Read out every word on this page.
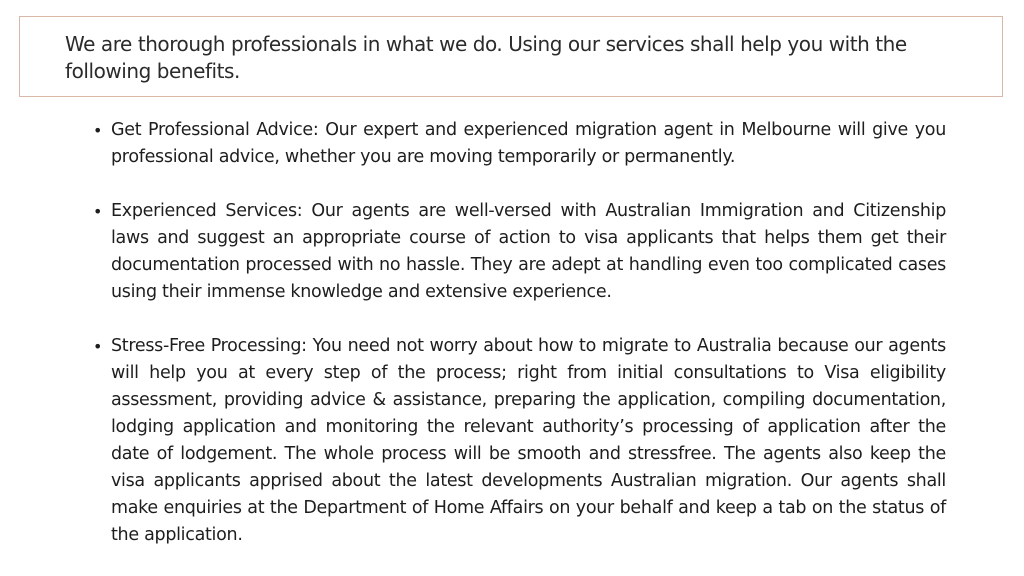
We are thorough professionals in what we do. Using our services shall help you with the following benefits.

• Get Professional Advice: Our expert and experienced migration agent in Melbourne will give you professional advice, whether you are moving temporarily or permanently.
• Experienced Services: Our agents are well-versed with Australian Immigration and Citizenship laws and suggest an appropriate course of action to visa applicants that helps them get their documentation processed with no hassle. They are adept at handling even too complicated cases using their immense knowledge and extensive experience.
• Stress-Free Processing: You need not worry about how to migrate to Australia because our agents will help you at every step of the process; right from initial consultations to Visa eligibility assessment, providing advice & assistance, preparing the application, compiling documentation, lodging application and monitoring the relevant authority’s processing of application after the date of lodgement. The whole process will be smooth and stressfree. The agents also keep the visa applicants apprised about the latest developments Australian migration. Our agents shall make enquiries at the Department of Home Affairs on your behalf and keep a tab on the status of the application.
